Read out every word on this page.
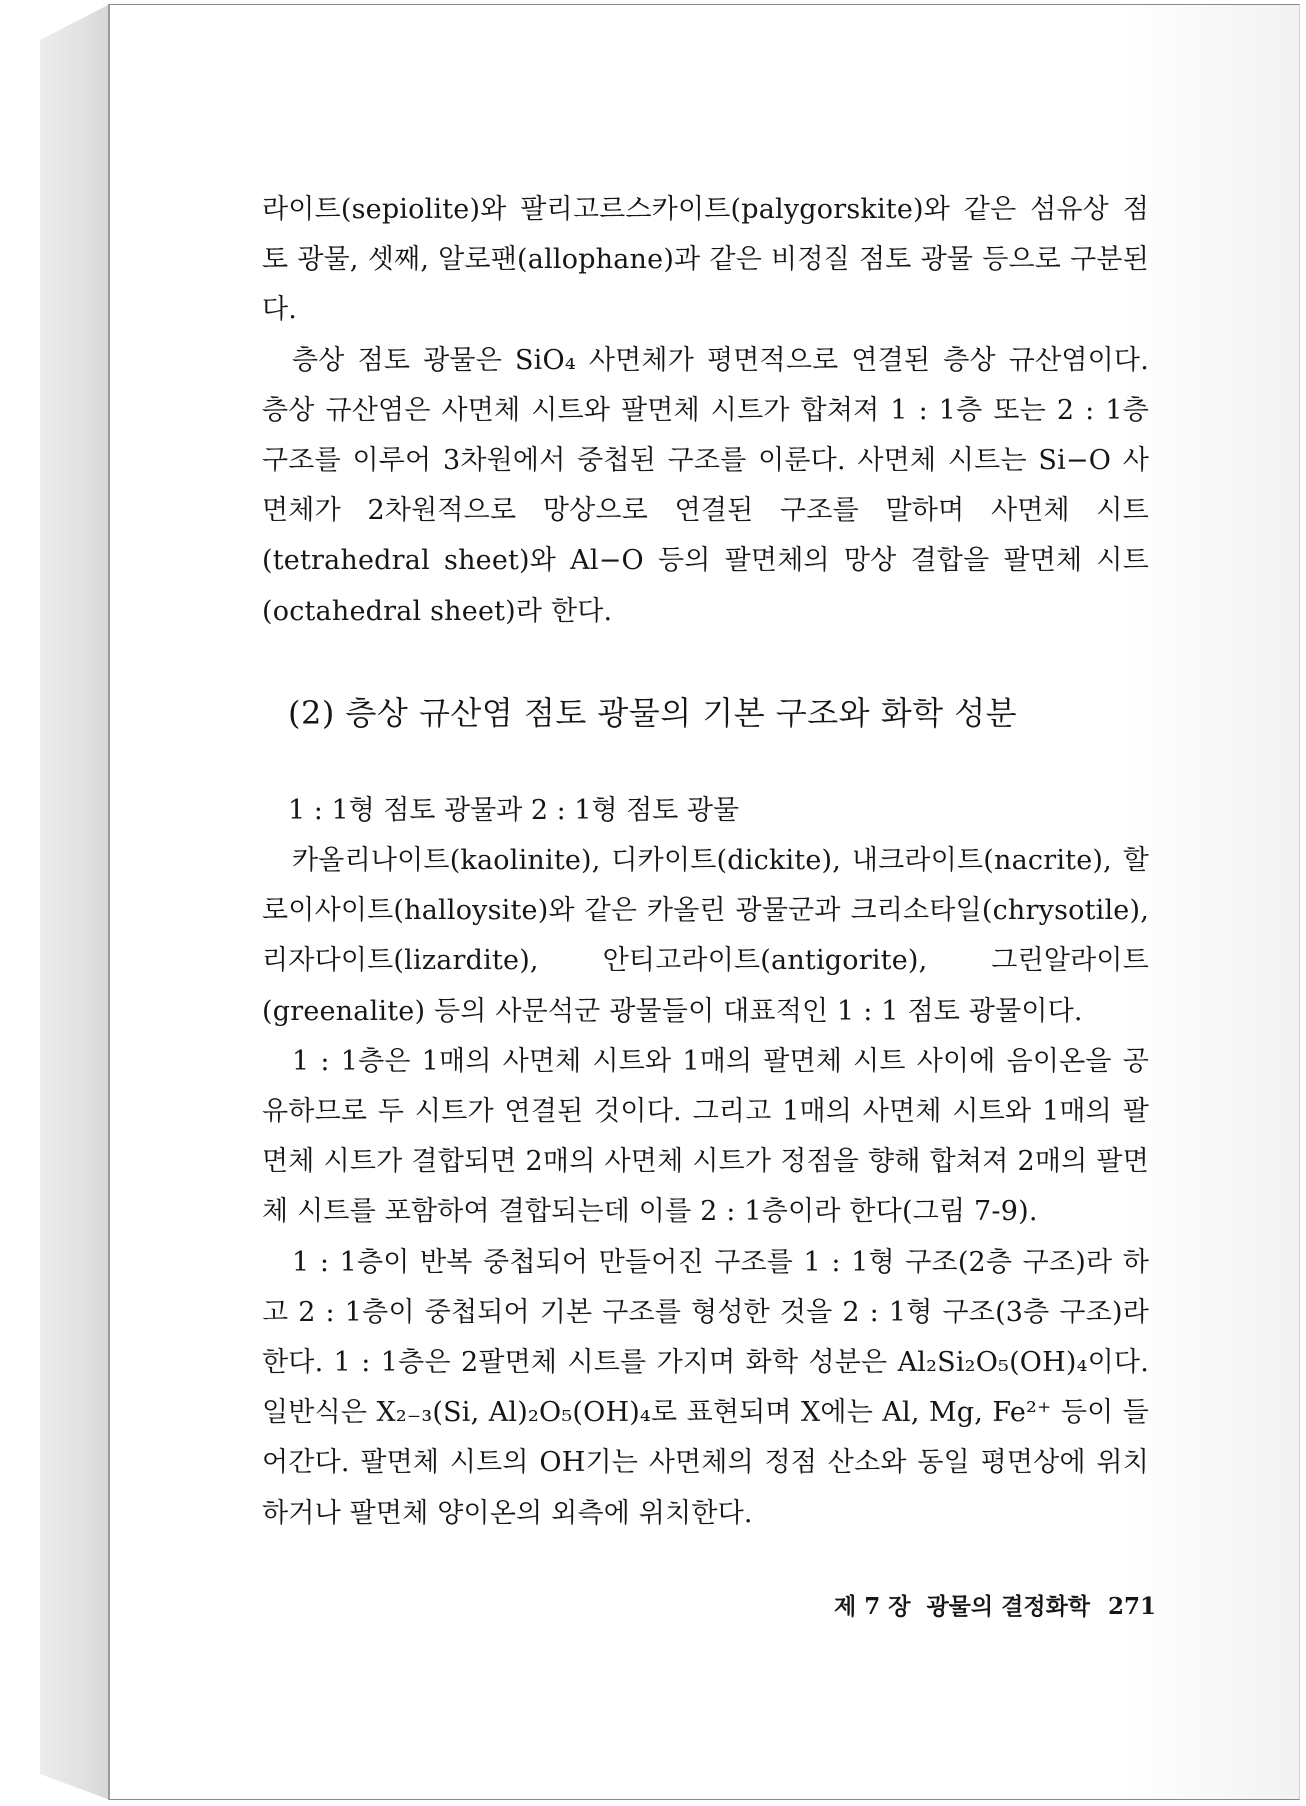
라이트(sepiolite)와 팔리고르스카이트(palygorskite)와 같은 섬유상 점토 광물, 셋째, 알로팬(allophane)과 같은 비정질 점토 광물 등으로 구분된다.

층상 점토 광물은 SiO₄ 사면체가 평면적으로 연결된 층상 규산염이다. 층상 규산염은 사면체 시트와 팔면체 시트가 합쳐져 1 : 1층 또는 2 : 1층 구조를 이루어 3차원에서 중첩된 구조를 이룬다. 사면체 시트는 Si−O 사면체가 2차원적으로 망상으로 연결된 구조를 말하며 사면체 시트(tetrahedral sheet)와 Al−O 등의 팔면체의 망상 결합을 팔면체 시트(octahedral sheet)라 한다.

(2) 층상 규산염 점토 광물의 기본 구조와 화학 성분
1 : 1형 점토 광물과 2 : 1형 점토 광물

카올리나이트(kaolinite), 디카이트(dickite), 내크라이트(nacrite), 할로이사이트(halloysite)와 같은 카올린 광물군과 크리소타일(chrysotile), 리자다이트(lizardite), 안티고라이트(antigorite), 그린알라이트(greenalite) 등의 사문석군 광물들이 대표적인 1 : 1 점토 광물이다.

1 : 1층은 1매의 사면체 시트와 1매의 팔면체 시트 사이에 음이온을 공유하므로 두 시트가 연결된 것이다. 그리고 1매의 사면체 시트와 1매의 팔면체 시트가 결합되면 2매의 사면체 시트가 정점을 향해 합쳐져 2매의 팔면체 시트를 포함하여 결합되는데 이를 2 : 1층이라 한다(그림 7-9).

1 : 1층이 반복 중첩되어 만들어진 구조를 1 : 1형 구조(2층 구조)라 하고 2 : 1층이 중첩되어 기본 구조를 형성한 것을 2 : 1형 구조(3층 구조)라 한다. 1 : 1층은 2팔면체 시트를 가지며 화학 성분은 Al₂Si₂O₅(OH)₄이다. 일반식은 X₂₋₃(Si, Al)₂O₅(OH)₄로 표현되며 X에는 Al, Mg, Fe²⁺ 등이 들어간다. 팔면체 시트의 OH기는 사면체의 정점 산소와 동일 평면상에 위치하거나 팔면체 양이온의 외측에 위치한다.

제 7 장  광물의 결정화학 271
